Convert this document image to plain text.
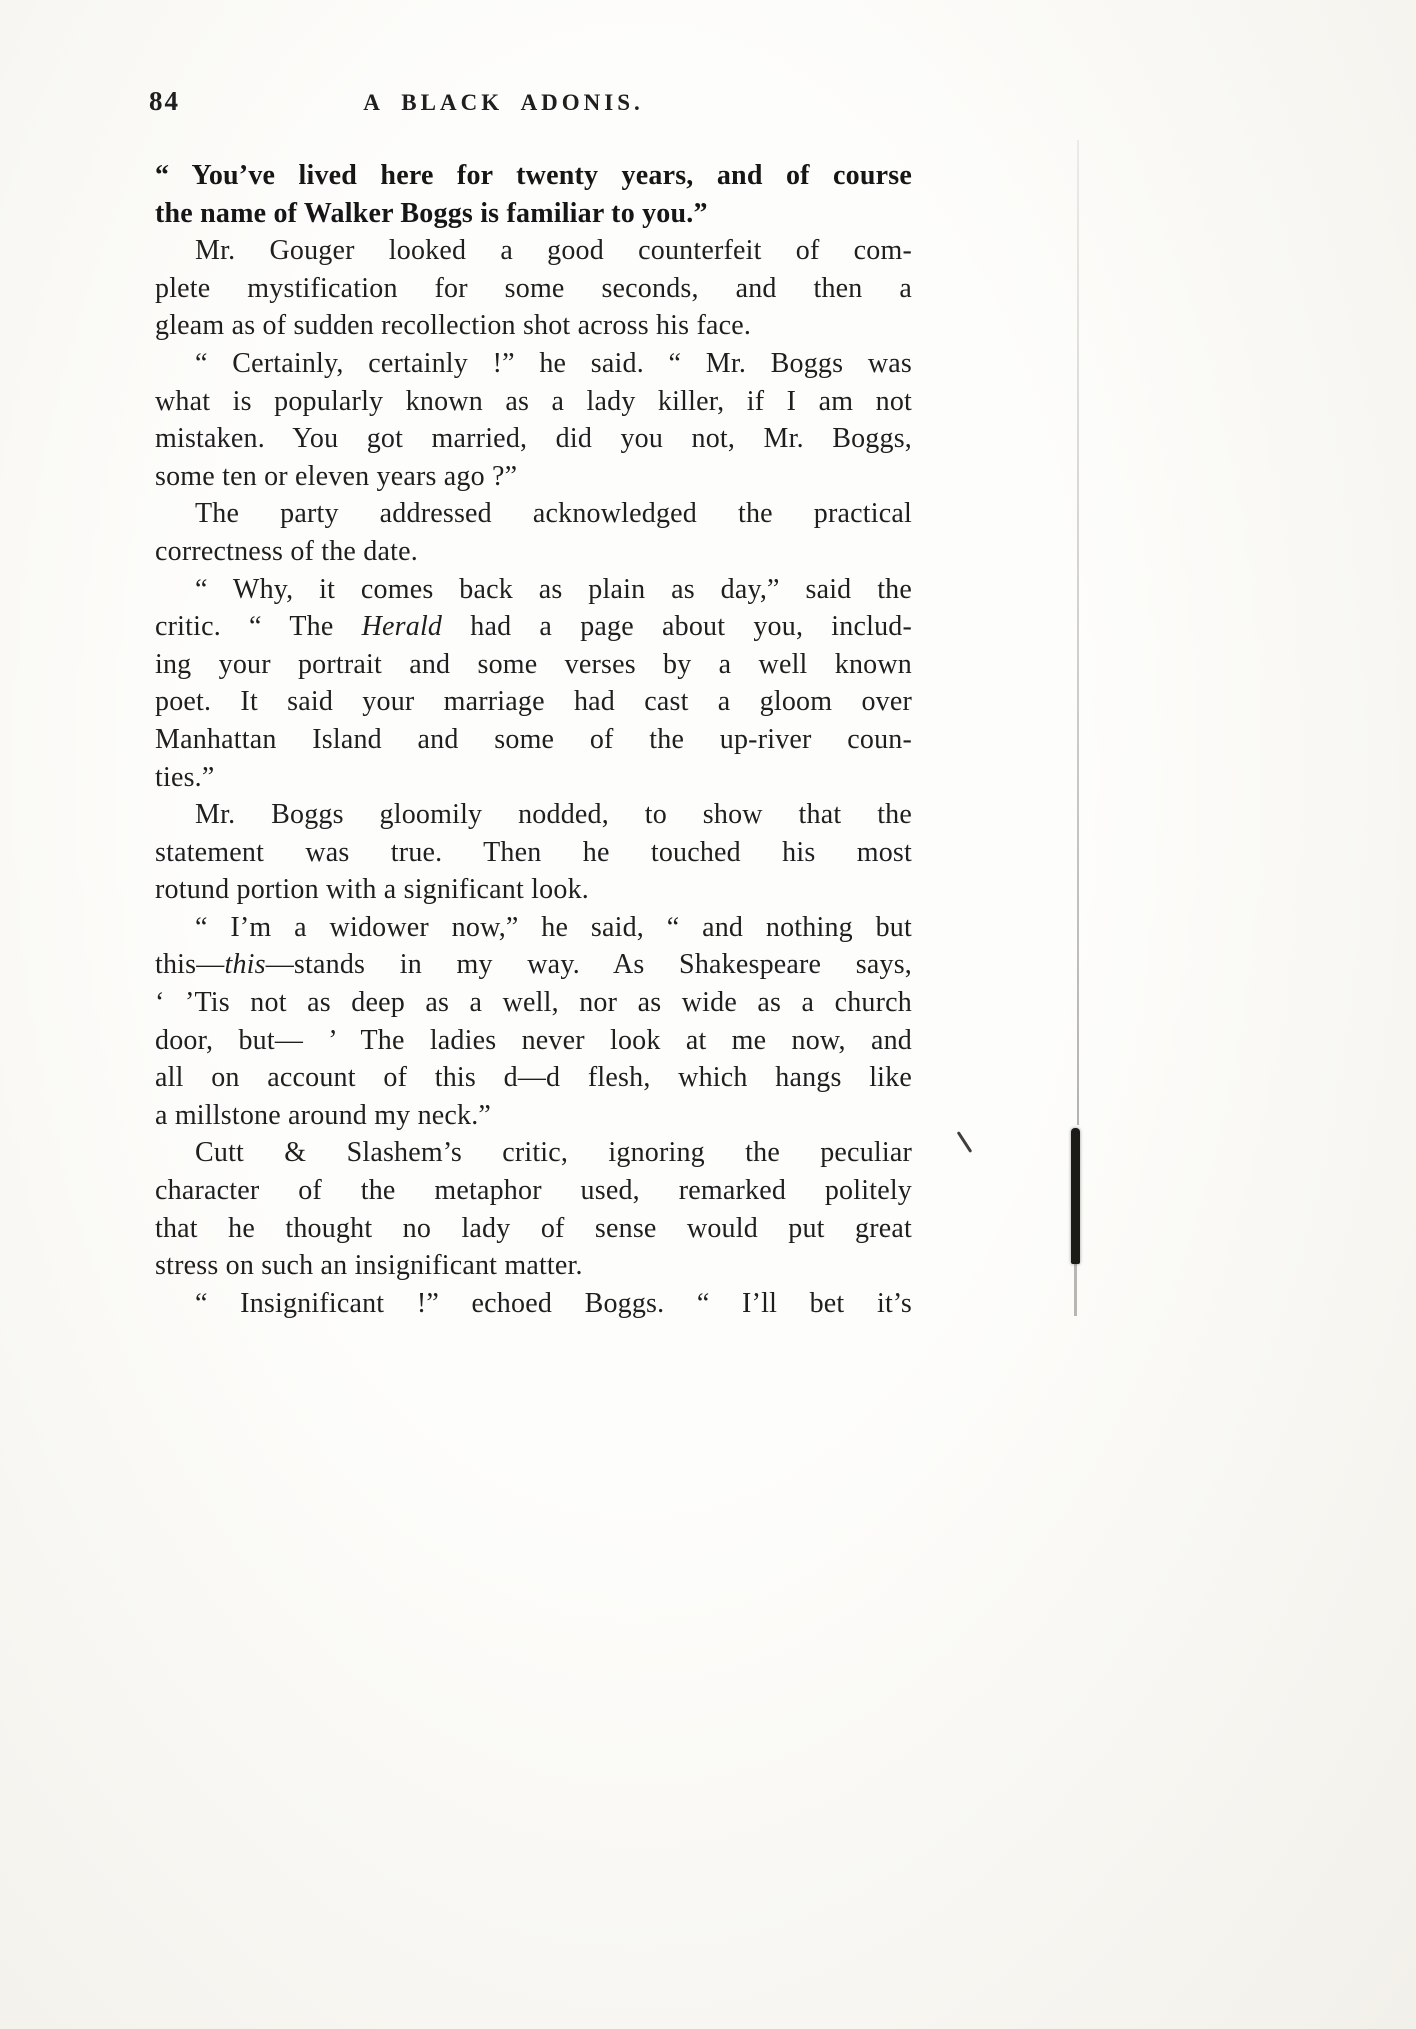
84	A BLACK ADONIS.
“ You’ve lived here for twenty years, and of course
the name of Walker Boggs is familiar to you.”
Mr. Gouger looked a good counterfeit of com-
plete mystification for some seconds, and then a
gleam as of sudden recollection shot across his face.
“ Certainly, certainly !” he said. “ Mr. Boggs was
what is popularly known as a lady killer, if I am not
mistaken. You got married, did you not, Mr. Boggs,
some ten or eleven years ago ?”
The party addressed acknowledged the practical
correctness of the date.
“ Why, it comes back as plain as day,” said the
critic. “ The Herald had a page about you, includ-
ing your portrait and some verses by a well known
poet. It said your marriage had cast a gloom over
Manhattan Island and some of the up-river coun-
ties.”
Mr. Boggs gloomily nodded, to show that the
statement was true. Then he touched his most
rotund portion with a significant look.
“ I’m a widower now,” he said, “ and nothing but
this—this—stands in my way. As Shakespeare says,
‘ ’Tis not as deep as a well, nor as wide as a church
door, but— ’ The ladies never look at me now, and
all on account of this d—d flesh, which hangs like
a millstone around my neck.”
Cutt & Slashem’s critic, ignoring the peculiar
character of the metaphor used, remarked politely
that he thought no lady of sense would put great
stress on such an insignificant matter.
“ Insignificant !” echoed Boggs. “ I’ll bet it’s
